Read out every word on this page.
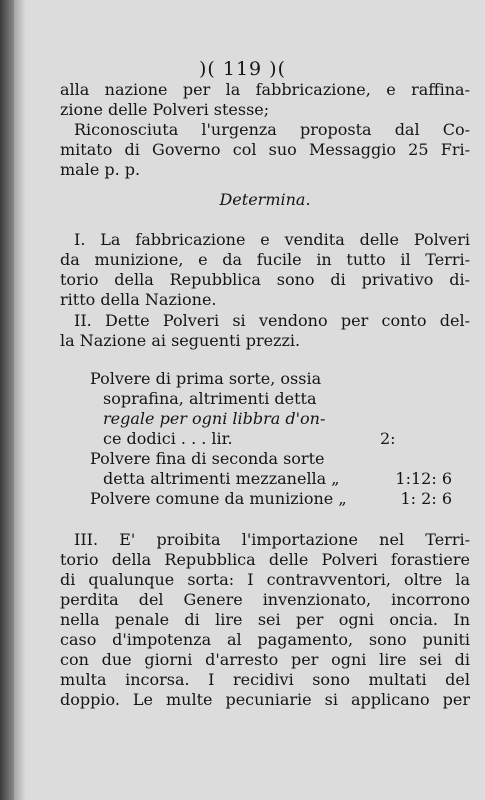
)( 119 )(
alla nazione per la fabbricazione, e raffina-
zione delle Polveri stesse;
Riconosciuta l'urgenza proposta dal Co-
mitato di Governo col suo Messaggio 25 Fri-
male p. p.
Determina.
I. La fabbricazione e vendita delle Polveri
da munizione, e da fucile in tutto il Terri-
torio della Repubblica sono di privativo di-
ritto della Nazione.
II. Dette Polveri si vendono per conto del-
la Nazione ai seguenti prezzi.
Polvere di prima sorte, ossia
soprafina, altrimenti detta
regale per ogni libbra d'on-
ce dodici . . . lir.	2:
Polvere fina di seconda sorte
detta altrimenti mezzanella „	1:12: 6
Polvere comune da munizione „	1: 2: 6
III. E' proibita l'importazione nel Terri-
torio della Repubblica delle Polveri forastiere
di qualunque sorta: I contravventori, oltre la
perdita del Genere invenzionato, incorrono
nella penale di lire sei per ogni oncia. In
caso d'impotenza al pagamento, sono puniti
con due giorni d'arresto per ogni lire sei di
multa incorsa. I recidivi sono multati del
doppio. Le multe pecuniarie si applicano per
